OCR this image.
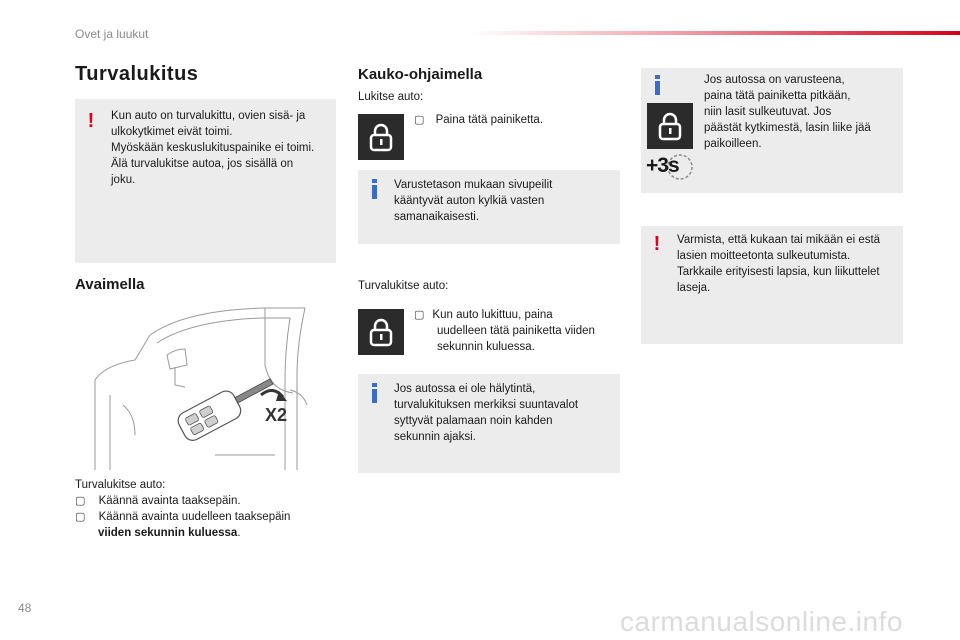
Ovet ja luukut
Turvalukitus
! Kun auto on turvalukittu, ovien sisä- ja
ulkokytkimet eivät toimi.
Myöskään keskuslukituspainike ei toimi.
Älä turvalukitse autoa, jos sisällä on
joku.
Avaimella
X2
Turvalukitse auto:
▢ Käännä avainta taaksepäin.
▢ Käännä avainta uudelleen taaksepäin
viiden sekunnin kuluessa.
Kauko-ohjaimella
Lukitse auto:
▢ Paina tätä painiketta.
Varustetason mukaan sivupeilit
kääntyvät auton kylkiä vasten
samanaikaisesti.
Turvalukitse auto:
▢ Kun auto lukittuu, paina
uudelleen tätä painiketta viiden
sekunnin kuluessa.
Jos autossa ei ole hälytintä,
turvalukituksen merkiksi suuntavalot
syttyvät palamaan noin kahden
sekunnin ajaksi.
+3s
Jos autossa on varusteena,
paina tätä painiketta pitkään,
niin lasit sulkeutuvat. Jos
päästät kytkimestä, lasin liike jää
paikoilleen.
! Varmista, että kukaan tai mikään ei estä
lasien moitteetonta sulkeutumista.
Tarkkaile erityisesti lapsia, kun liikuttelet
laseja.
48	carmanualsonline.info
